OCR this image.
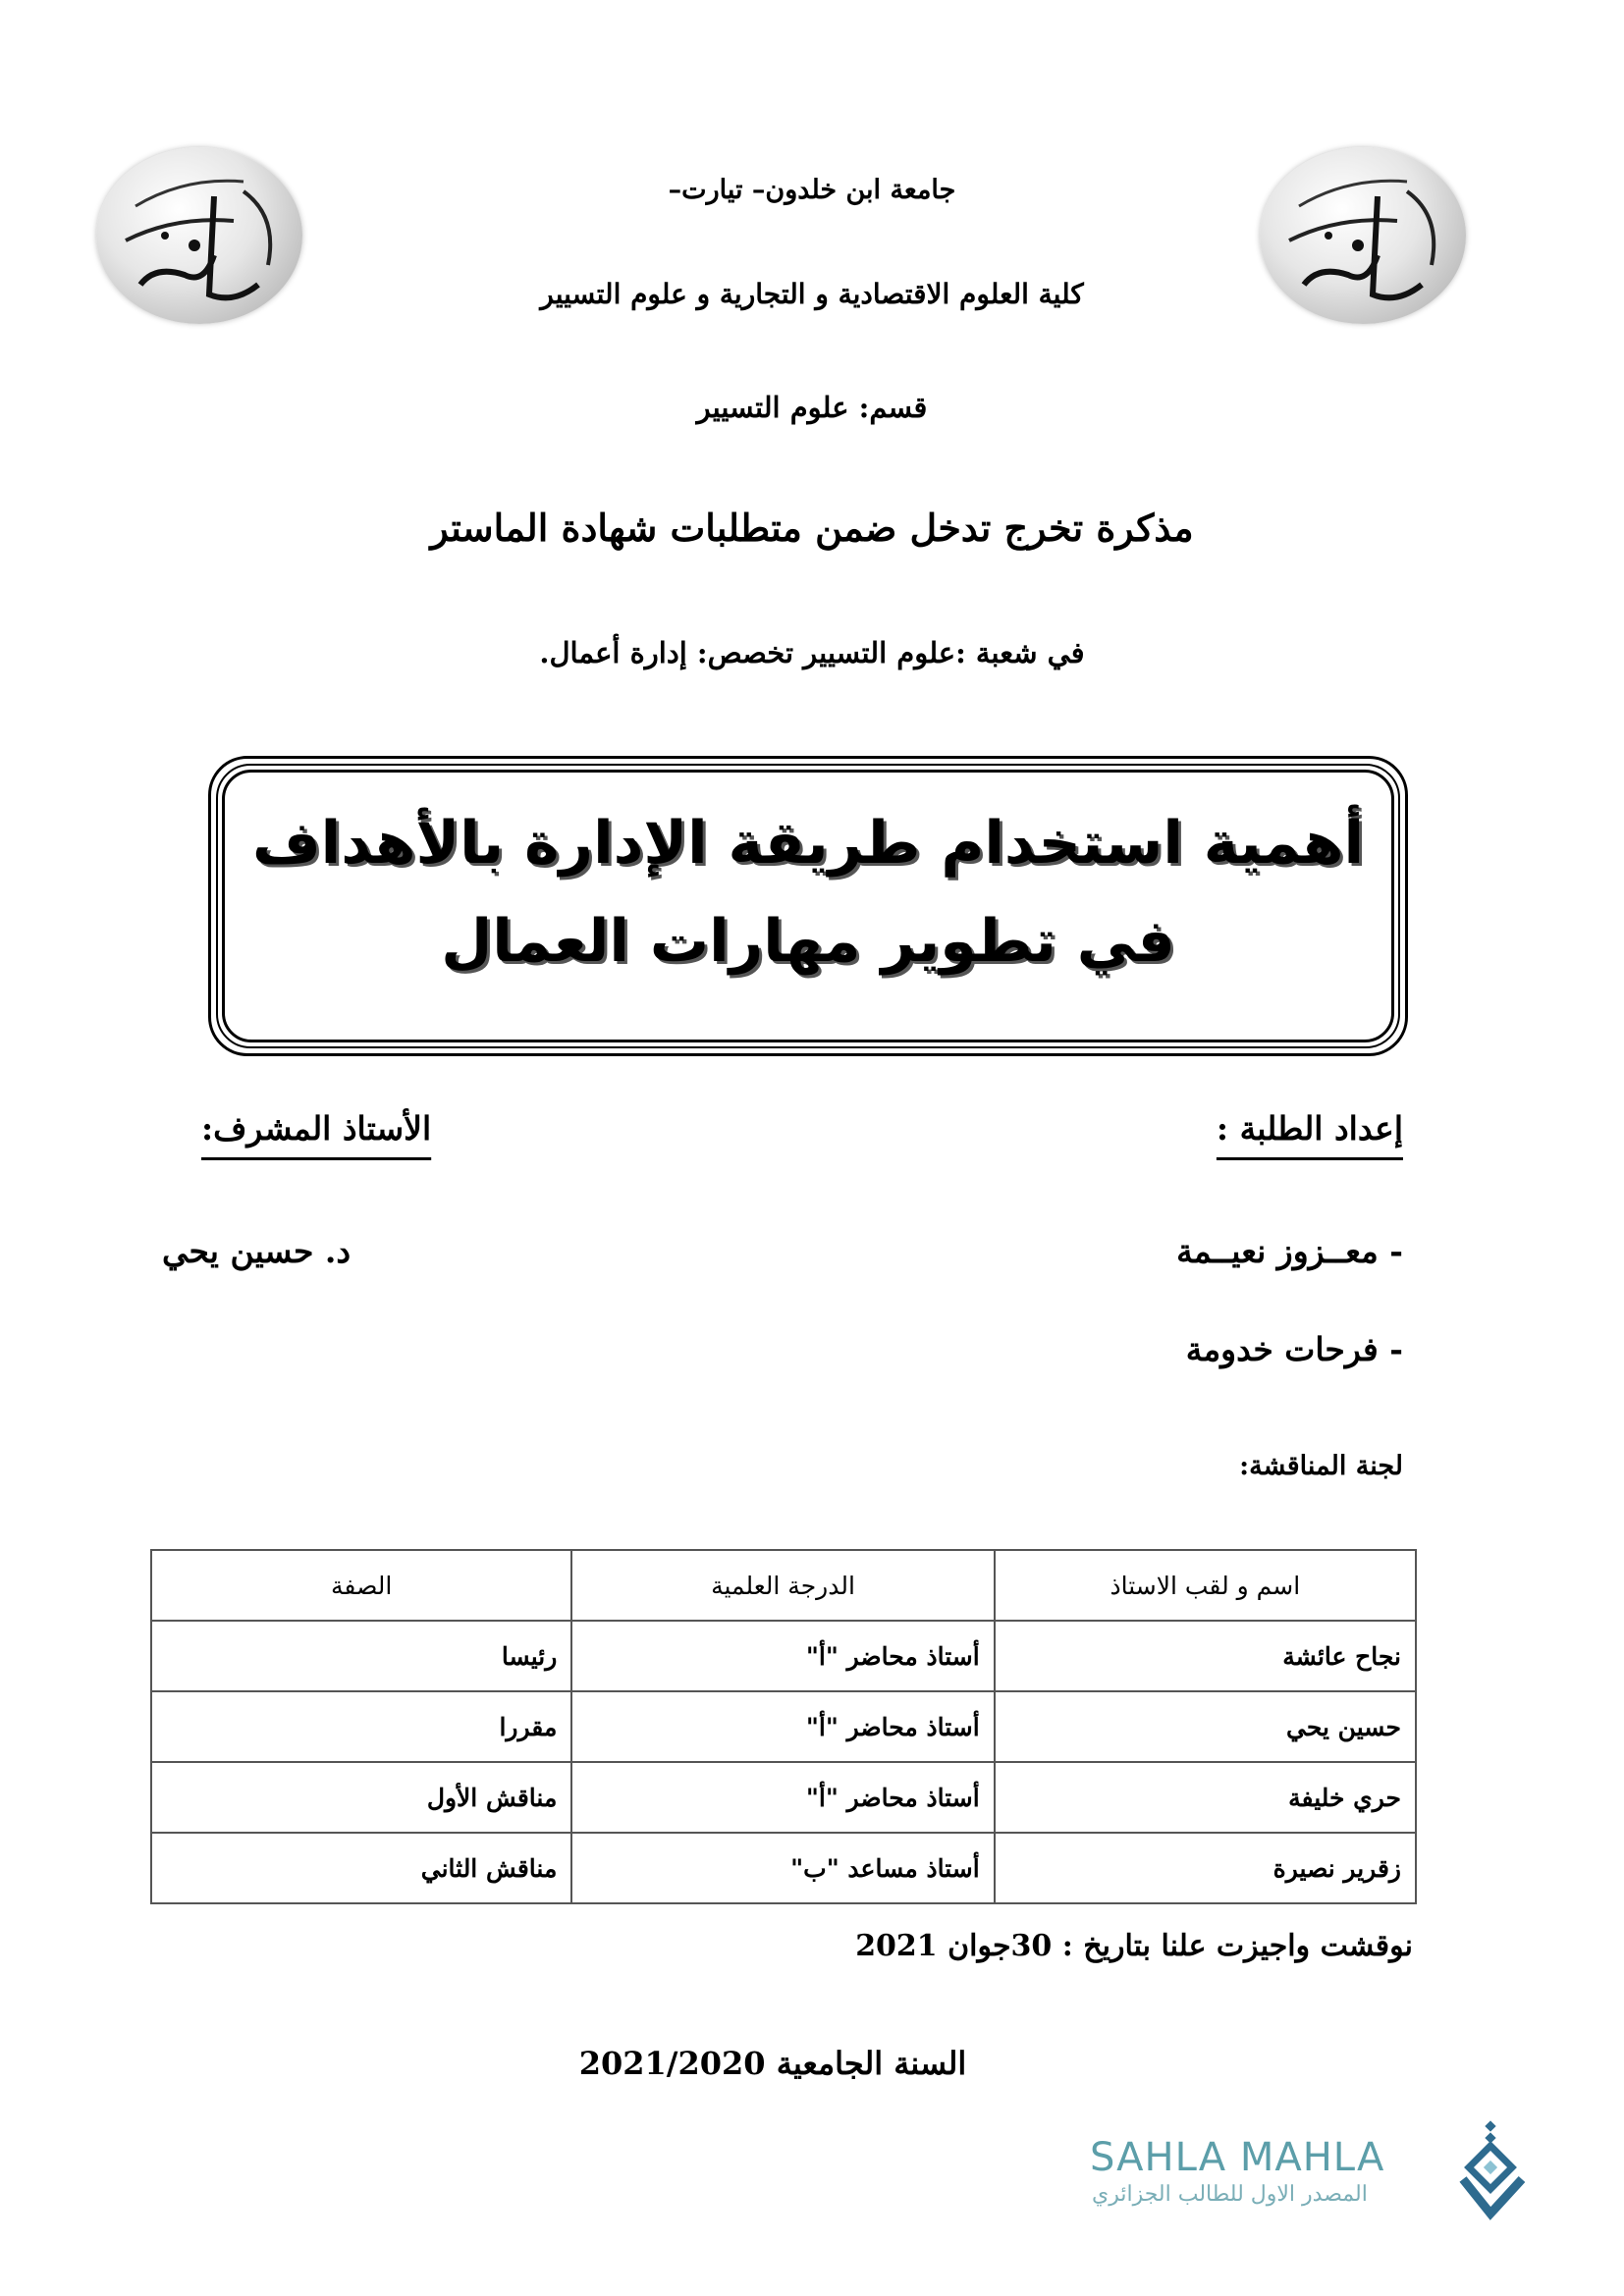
جامعة ابن خلدون– تيارت–
كلية العلوم الاقتصادية و التجارية و علوم التسيير
قسم: علوم التسيير
مذكرة تخرج تدخل ضمن متطلبات شهادة الماستر
في شعبة :علوم التسيير تخصص: إدارة أعمال.
أهمية استخدام طريقة الإدارة بالأهداف
في تطوير مهارات العمال
إعداد الطلبة :
الأستاذ المشرف:
- معــزوز نعيــمة
- فرحات خدومة
د. حسين يحي
لجنة المناقشة:
اسم و لقب الاستاذ	الدرجة العلمية	الصفة
نجاح عائشة	أستاذ محاضر "أ"	رئيسا
حسين يحي	أستاذ محاضر "أ"	مقررا
حري خليفة	أستاذ محاضر "أ"	مناقش الأول
زقرير نصيرة	أستاذ مساعد "ب"	مناقش الثاني
نوقشت واجيزت علنا بتاريخ : 30جوان 2021
السنة الجامعية 2021/2020
SAHLA MAHLA
المصدر الاول للطالب الجزائري
